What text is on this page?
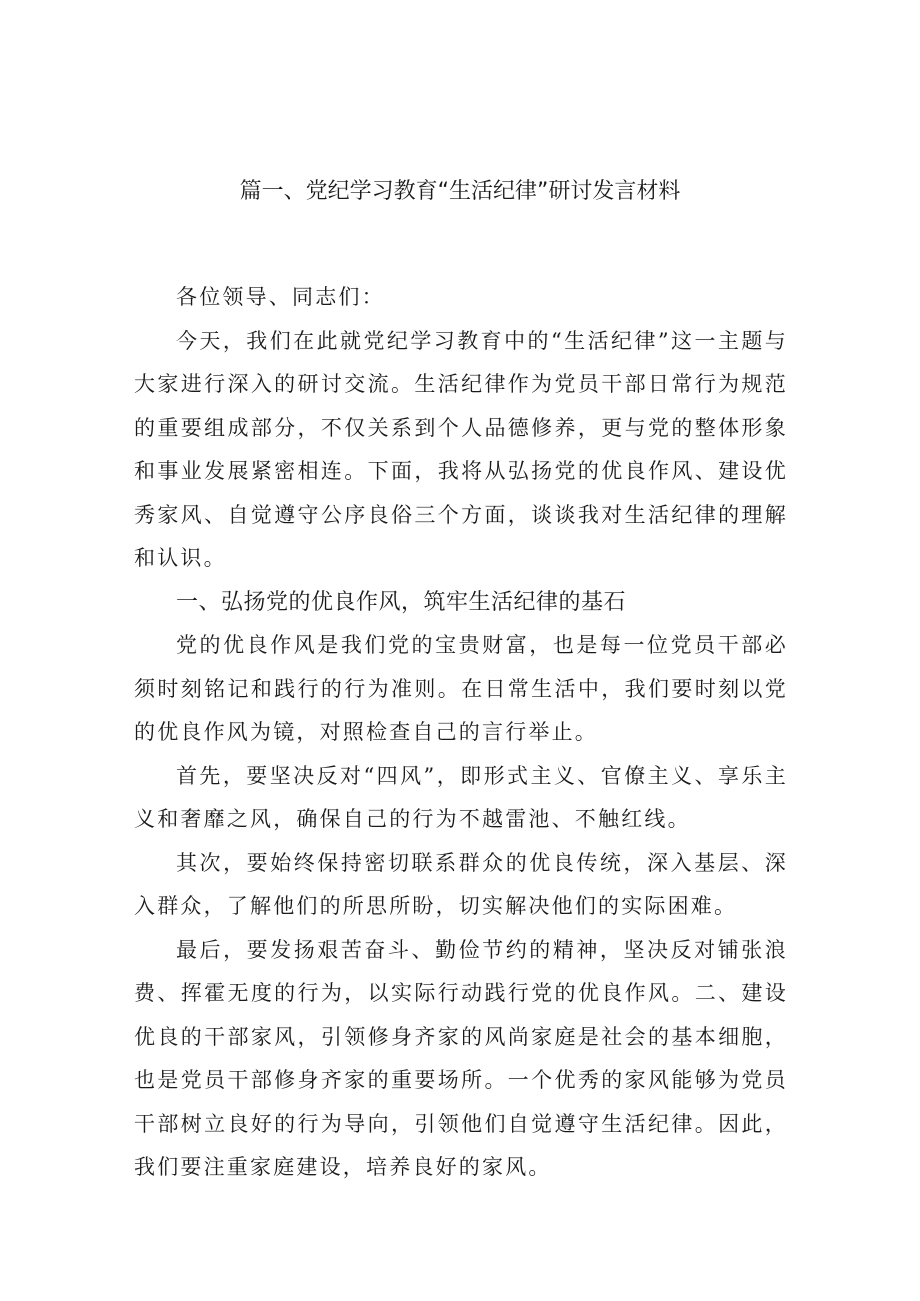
篇一、党纪学习教育“生活纪律”研讨发言材料

各位领导、同志们：

今天，我们在此就党纪学习教育中的“生活纪律”这一主题与大家进行深入的研讨交流。生活纪律作为党员干部日常行为规范的重要组成部分，不仅关系到个人品德修养，更与党的整体形象和事业发展紧密相连。下面，我将从弘扬党的优良作风、建设优秀家风、自觉遵守公序良俗三个方面，谈谈我对生活纪律的理解和认识。

一、弘扬党的优良作风，筑牢生活纪律的基石

党的优良作风是我们党的宝贵财富，也是每一位党员干部必须时刻铭记和践行的行为准则。在日常生活中，我们要时刻以党的优良作风为镜，对照检查自己的言行举止。

首先，要坚决反对“四风”，即形式主义、官僚主义、享乐主义和奢靡之风，确保自己的行为不越雷池、不触红线。

其次，要始终保持密切联系群众的优良传统，深入基层、深入群众，了解他们的所思所盼，切实解决他们的实际困难。

最后，要发扬艰苦奋斗、勤俭节约的精神，坚决反对铺张浪费、挥霍无度的行为，以实际行动践行党的优良作风。二、建设优良的干部家风，引领修身齐家的风尚家庭是社会的基本细胞，也是党员干部修身齐家的重要场所。一个优秀的家风能够为党员干部树立良好的行为导向，引领他们自觉遵守生活纪律。因此，我们要注重家庭建设，培养良好的家风。
